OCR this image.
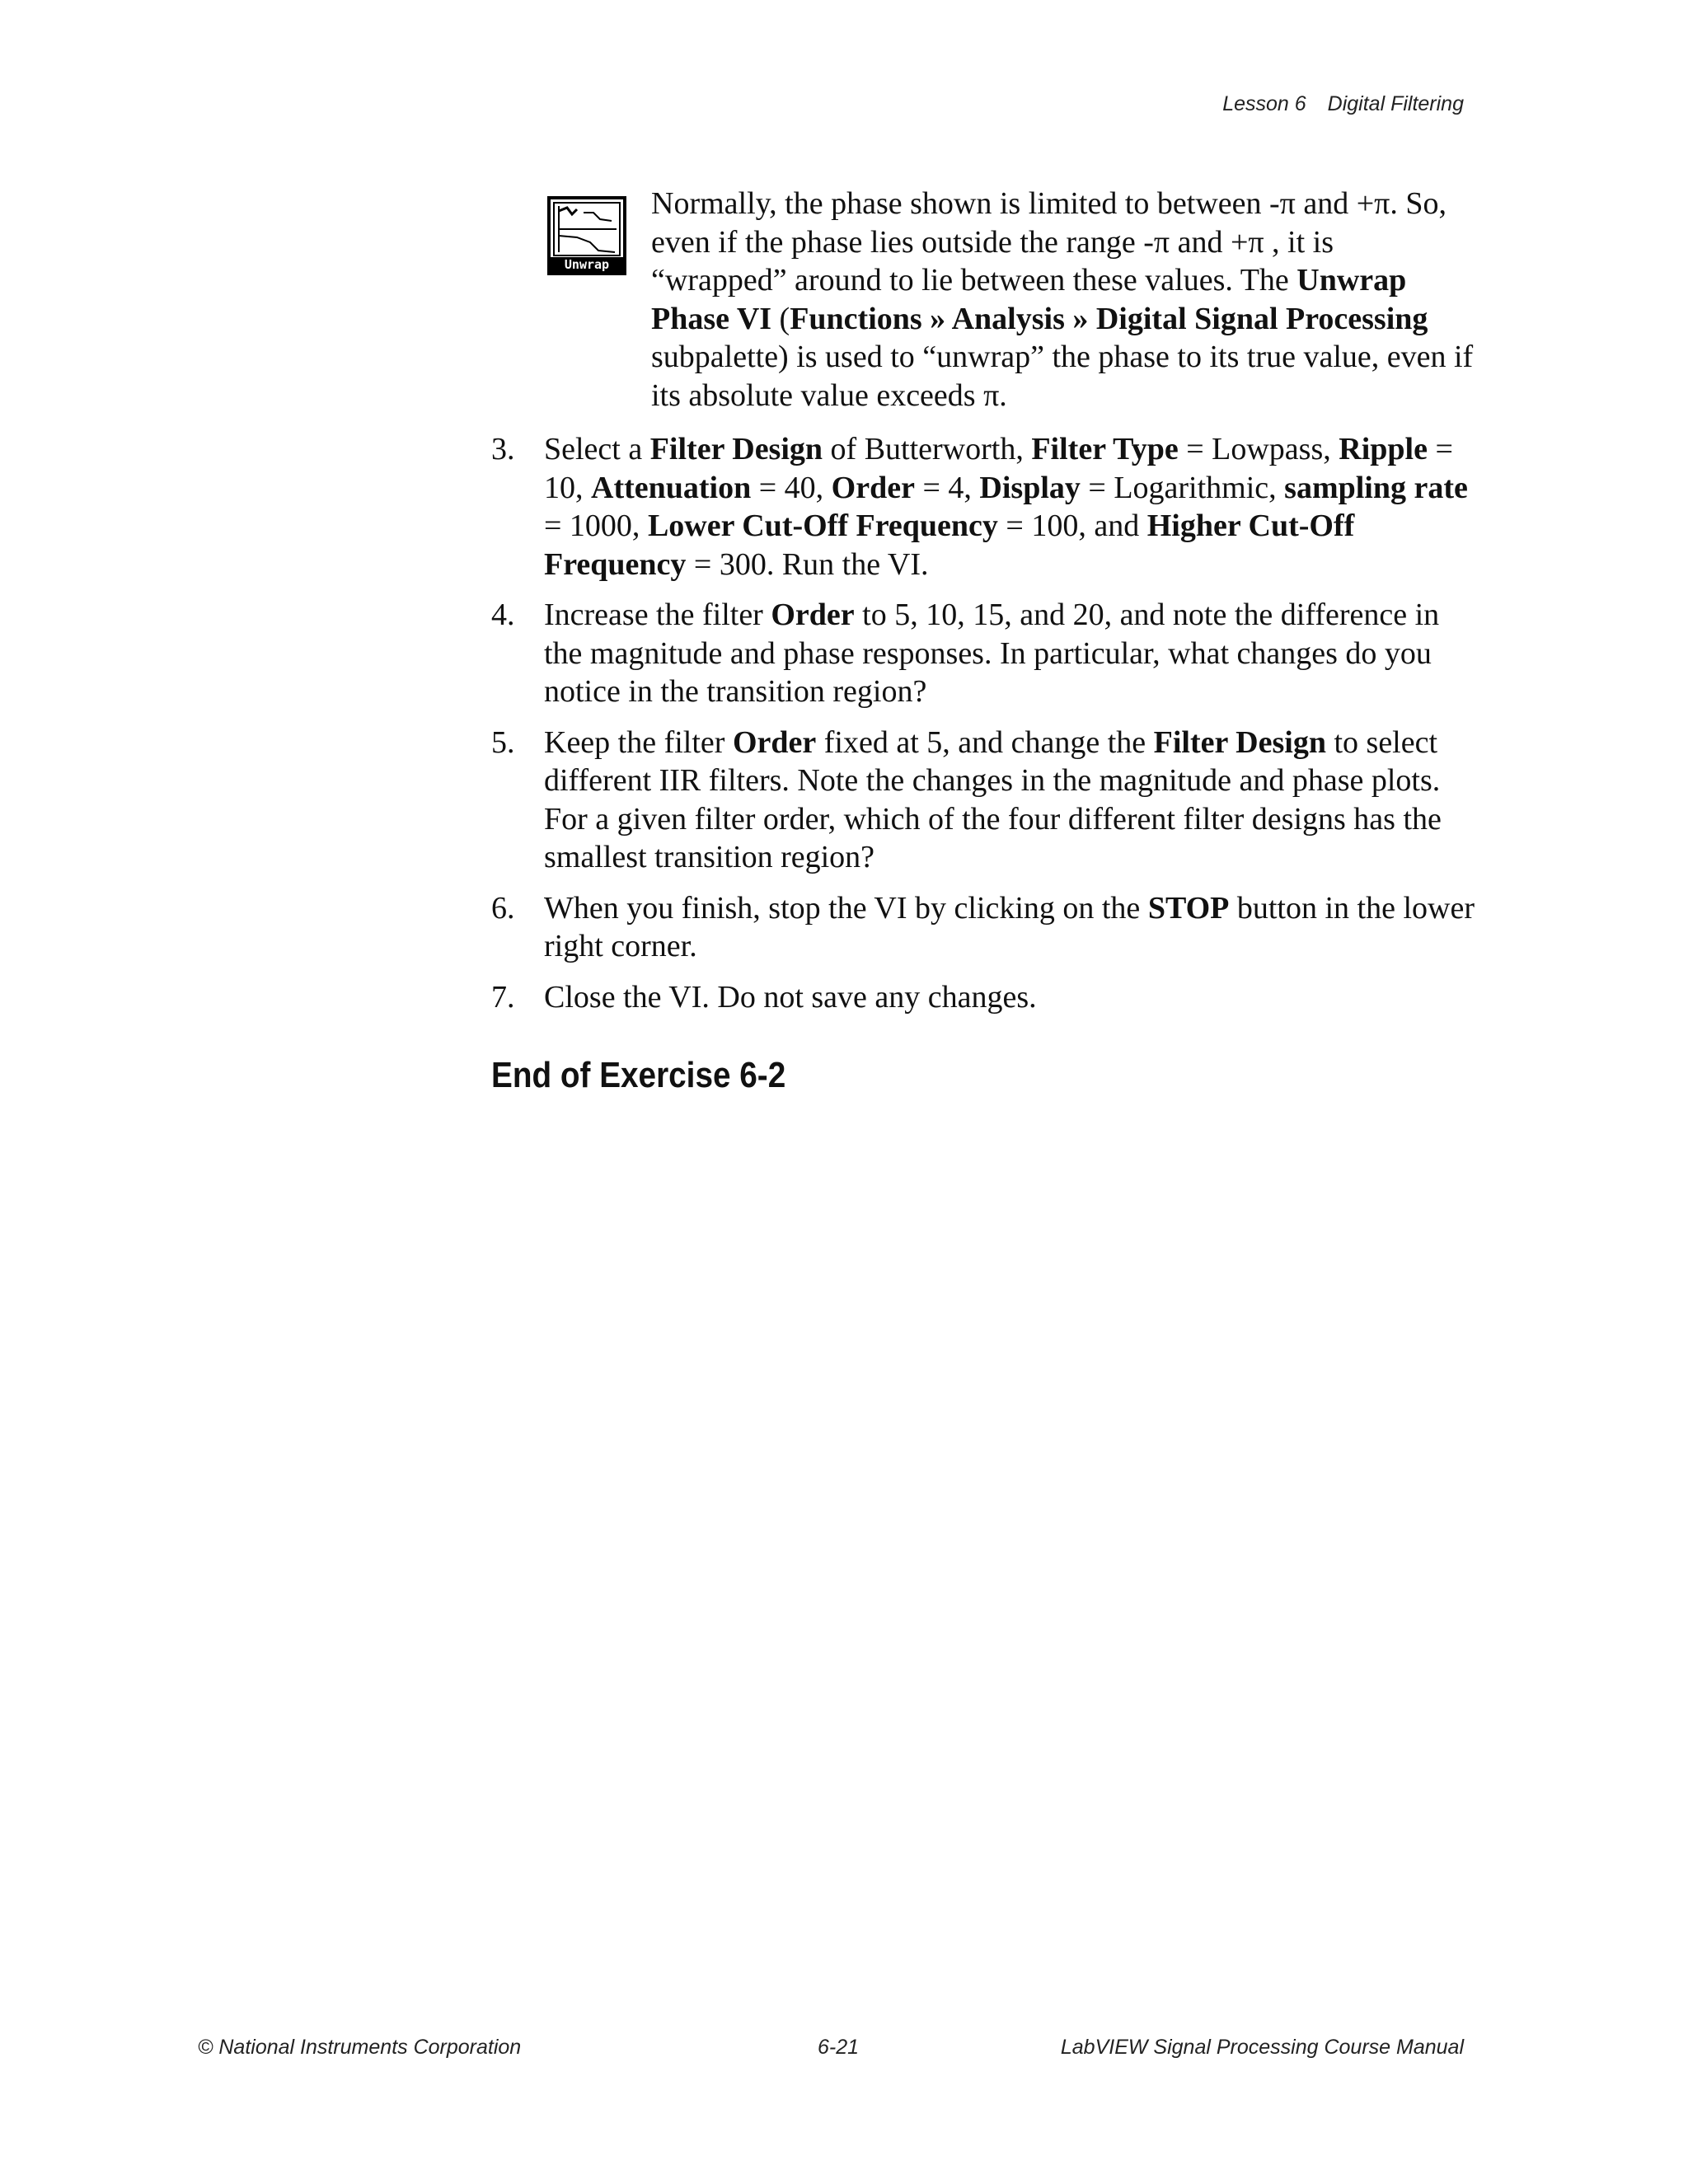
Lesson 6 Digital Filtering
Unwrap
Normally, the phase shown is limited to between -π and +π. So, even if the phase lies outside the range -π and +π , it is “wrapped” around to lie between these values. The Unwrap Phase VI (Functions » Analysis » Digital Signal Processing subpalette) is used to “unwrap” the phase to its true value, even if its absolute value exceeds π.
3. Select a Filter Design of Butterworth, Filter Type = Lowpass, Ripple = 10, Attenuation = 40, Order = 4, Display = Logarithmic, sampling rate = 1000, Lower Cut-Off Frequency = 100, and Higher Cut-Off Frequency = 300. Run the VI.
4. Increase the filter Order to 5, 10, 15, and 20, and note the difference in the magnitude and phase responses. In particular, what changes do you notice in the transition region?
5. Keep the filter Order fixed at 5, and change the Filter Design to select different IIR filters. Note the changes in the magnitude and phase plots. For a given filter order, which of the four different filter designs has the smallest transition region?
6. When you finish, stop the VI by clicking on the STOP button in the lower right corner.
7. Close the VI. Do not save any changes.
End of Exercise 6-2
© National Instruments Corporation	6-21	LabVIEW Signal Processing Course Manual
